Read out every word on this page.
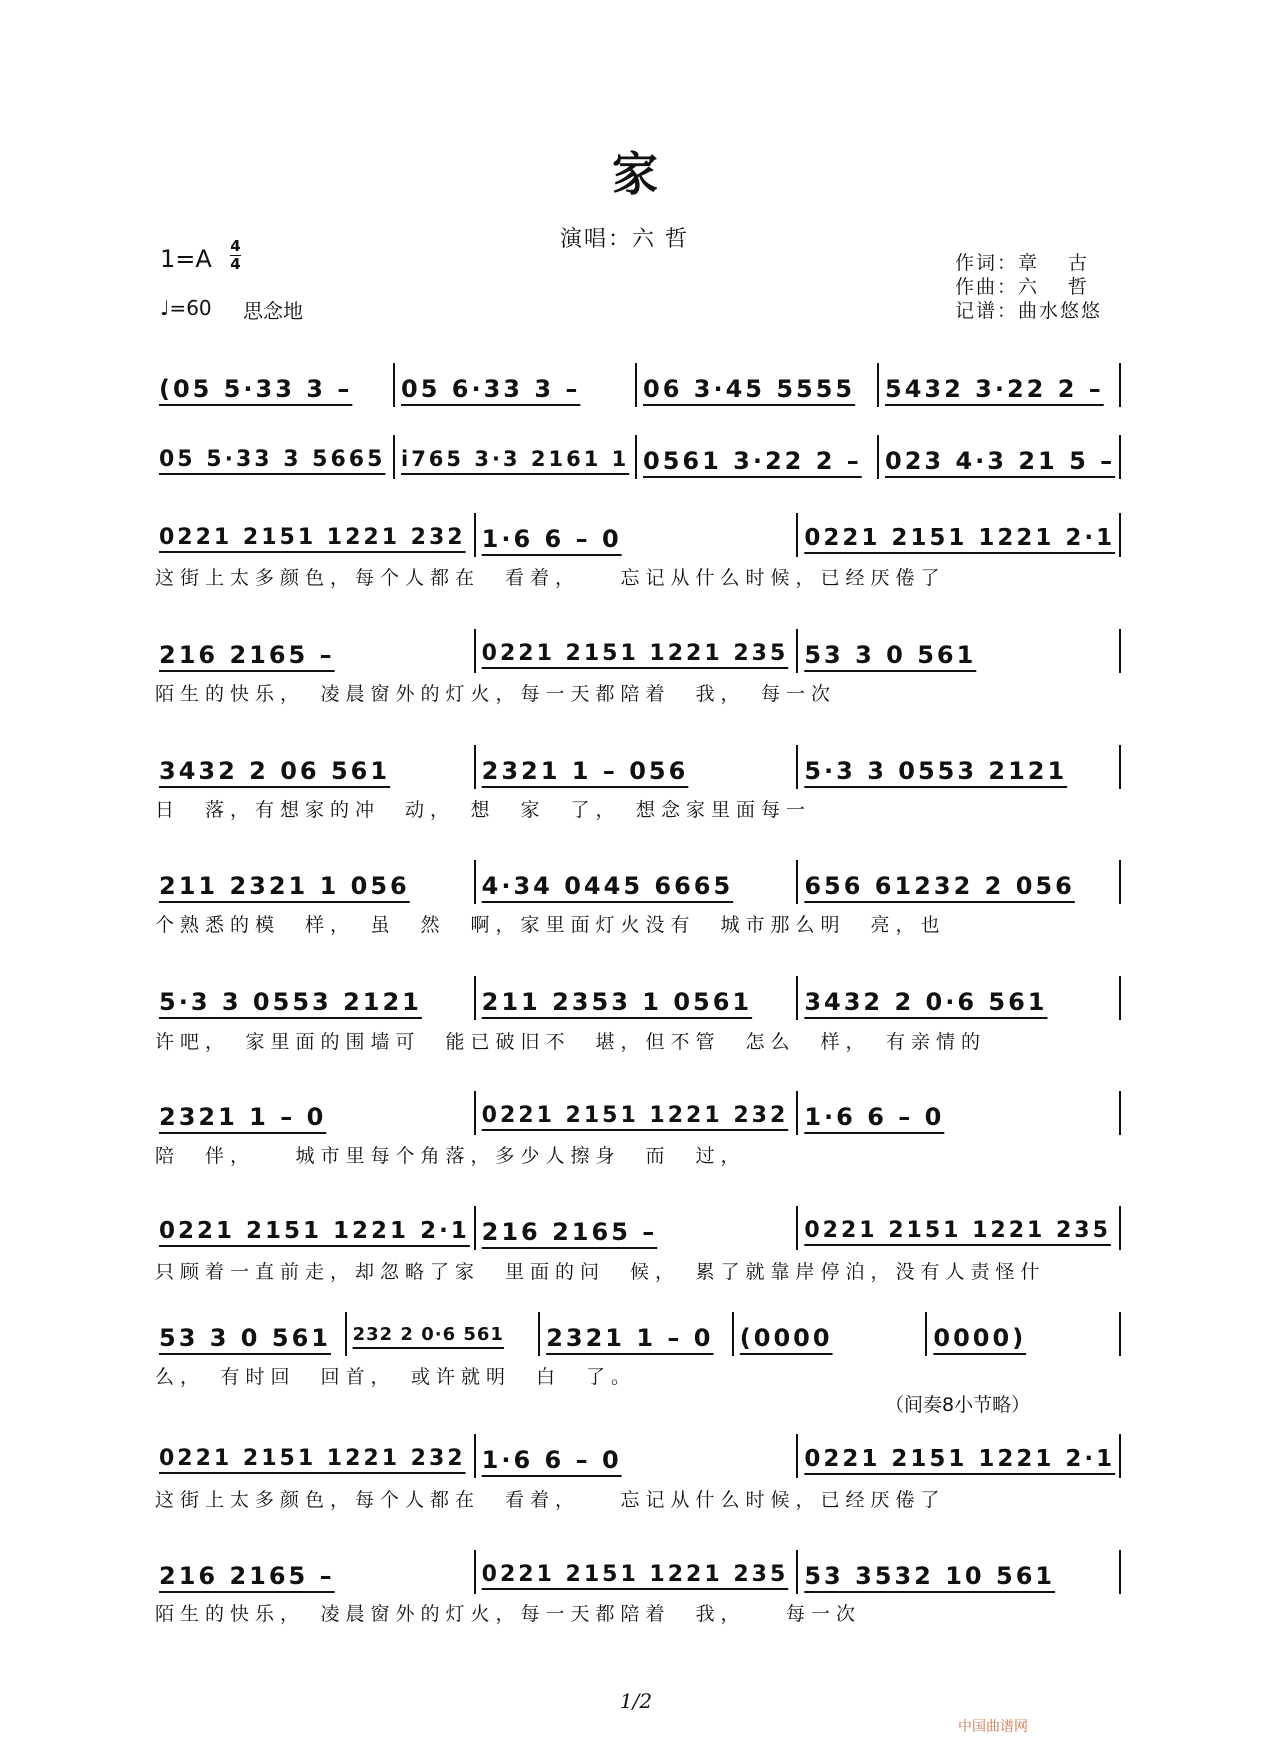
家
演唱：六 哲
1=A 4
4
♩=60 思念地
作词：章　 古
作曲：六　 哲
记谱：曲水悠悠
(05 5·33 3 – 05 6·33 3 –	06 3·45 5555 5432 3·22 2 –
05 5·33 3 5665 i765 3·3 2161 1 0561 3·22 2 – 023 4·3 21 5 –
0221 2151 1221 232 1·6 6 – 0	0221 2151 1221 2·1
这街上太多颜色，每个人都在　看着，　　忘记从什么时候，已经厌倦了
216 2165 –	0221 2151 1221 235 53 3 0 561
陌生的快乐，　凌晨窗外的灯火，每一天都陪着　我，　每一次
3432 2 06 561	2321 1 – 056	5·3 3 0553 2121
日　落，有想家的冲　动，　想　家　了，　想念家里面每一
211 2321 1 056	4·34 0445 6665	656 61232 2 056
个熟悉的模　样，　虽　然　啊，家里面灯火没有　城市那么明　亮，也
5·3 3 0553 2121 211 2353 1 0561 3432 2 0·6 561
许吧，　家里面的围墙可　能已破旧不　堪，但不管　怎么　样，　有亲情的
2321 1 – 0	0221 2151 1221 232 1·6 6 – 0
陪　伴，　　城市里每个角落，多少人擦身　而　过，
0221 2151 1221 2·1 216 2165 –	0221 2151 1221 235
只顾着一直前走，却忽略了家　里面的问　候，　累了就靠岸停泊，没有人责怪什
53 3 0 561 232 2 0·6 561 2321 1 – 0 (0000	0000)
么，　有时回　回首，　或许就明　白　了。
0221 2151 1221 232 1·6 6 – 0	0221 2151 1221 2·1
这街上太多颜色，每个人都在　看着，　　忘记从什么时候，已经厌倦了
216 2165 –	0221 2151 1221 235 53 3532 10 561
陌生的快乐，　凌晨窗外的灯火，每一天都陪着　我，　　每一次
（间奏8小节略）
1/2
中国曲谱网
